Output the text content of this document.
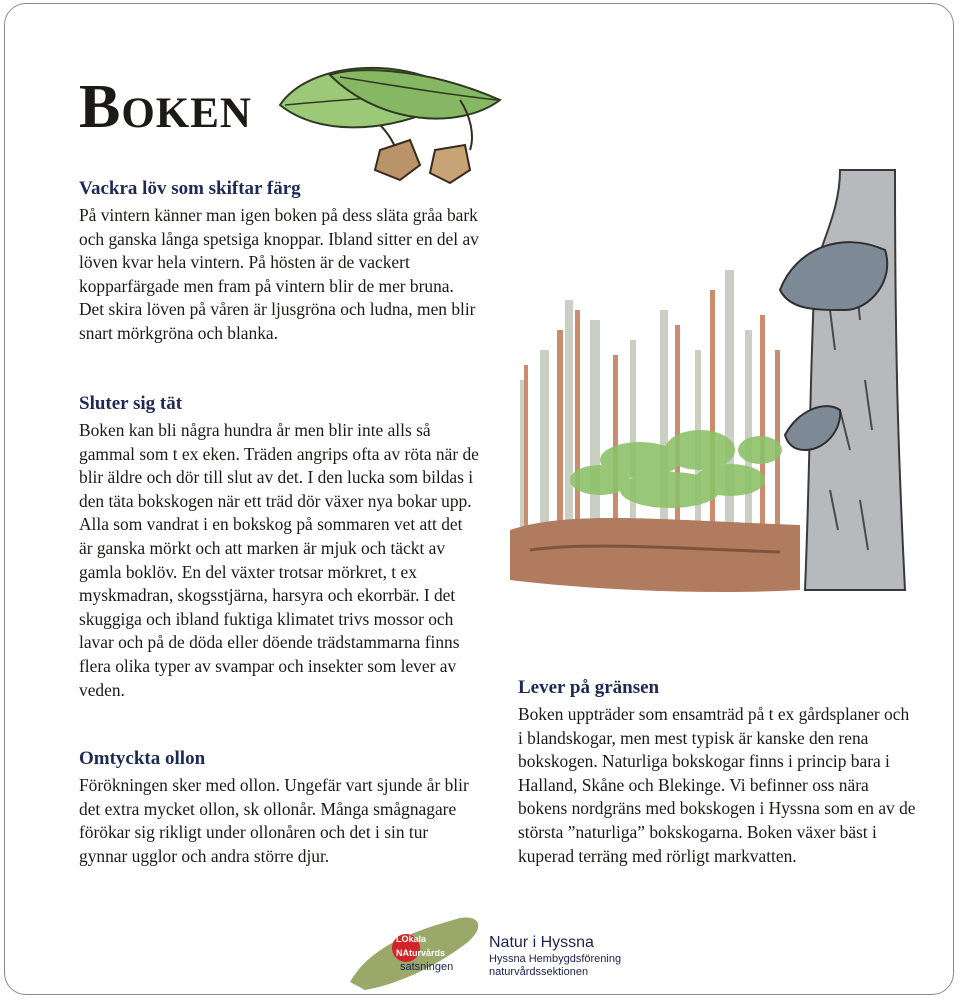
Boken
Vackra löv som skiftar färg

På vintern känner man igen boken på dess släta gråa bark och ganska långa spetsiga knoppar. Ibland sitter en del av löven kvar hela vintern. På hösten är de vackert kopparfärgade men fram på vintern blir de mer bruna. Det skira löven på våren är ljusgröna och ludna, men blir snart mörkgröna och blanka.

Sluter sig tät

Boken kan bli några hundra år men blir inte alls så gammal som t ex eken. Träden angrips ofta av röta när de blir äldre och dör till slut av det. I den lucka som bildas i den täta bokskogen när ett träd dör växer nya bokar upp. Alla som vandrat i en bokskog på sommaren vet att det är ganska mörkt och att marken är mjuk och täckt av gamla boklöv. En del växter trotsar mörkret, t ex myskmadran, skogsstjärna, harsyra och ekorrbär. I det skuggiga och ibland fuktiga klimatet trivs mossor och lavar och på de döda eller döende trädstammarna finns flera olika typer av svampar och insekter som lever av veden.

Omtyckta ollon

Förökningen sker med ollon. Ungefär vart sjunde år blir det extra mycket ollon, sk ollonår. Många smågnagare förökar sig rikligt under ollonåren och det i sin tur gynnar ugglor och andra större djur.

Lever på gränsen

Boken uppträder som ensamträd på t ex gårdsplaner och i blandskogar, men mest typisk är kanske den rena bokskogen. Naturliga bokskogar finns i princip bara i Halland, Skåne och Blekinge. Vi befinner oss nära bokens nordgräns med bokskogen i Hyssna som en av de största ”naturliga” bokskogarna. Boken växer bäst i kuperad terräng med rörligt markvatten.

LOkala
NAturvårds
satsningen
Natur i Hyssna
Hyssna Hembygdsförening
naturvårdssektionen
